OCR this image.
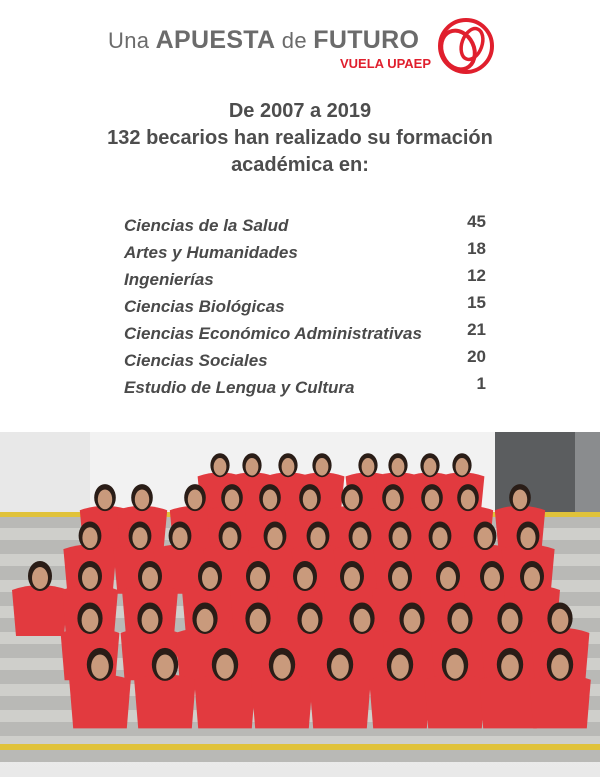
Una APUESTA de FUTURO
VUELA UPAEP
De 2007 a 2019
132 becarios han realizado su formación
académica en:
Ciencias de la Salud	45
Artes y Humanidades	18
Ingenierías	12
Ciencias Biológicas	15
Ciencias Económico Administrativas	21
Ciencias Sociales	20
Estudio de Lengua y Cultura	1
